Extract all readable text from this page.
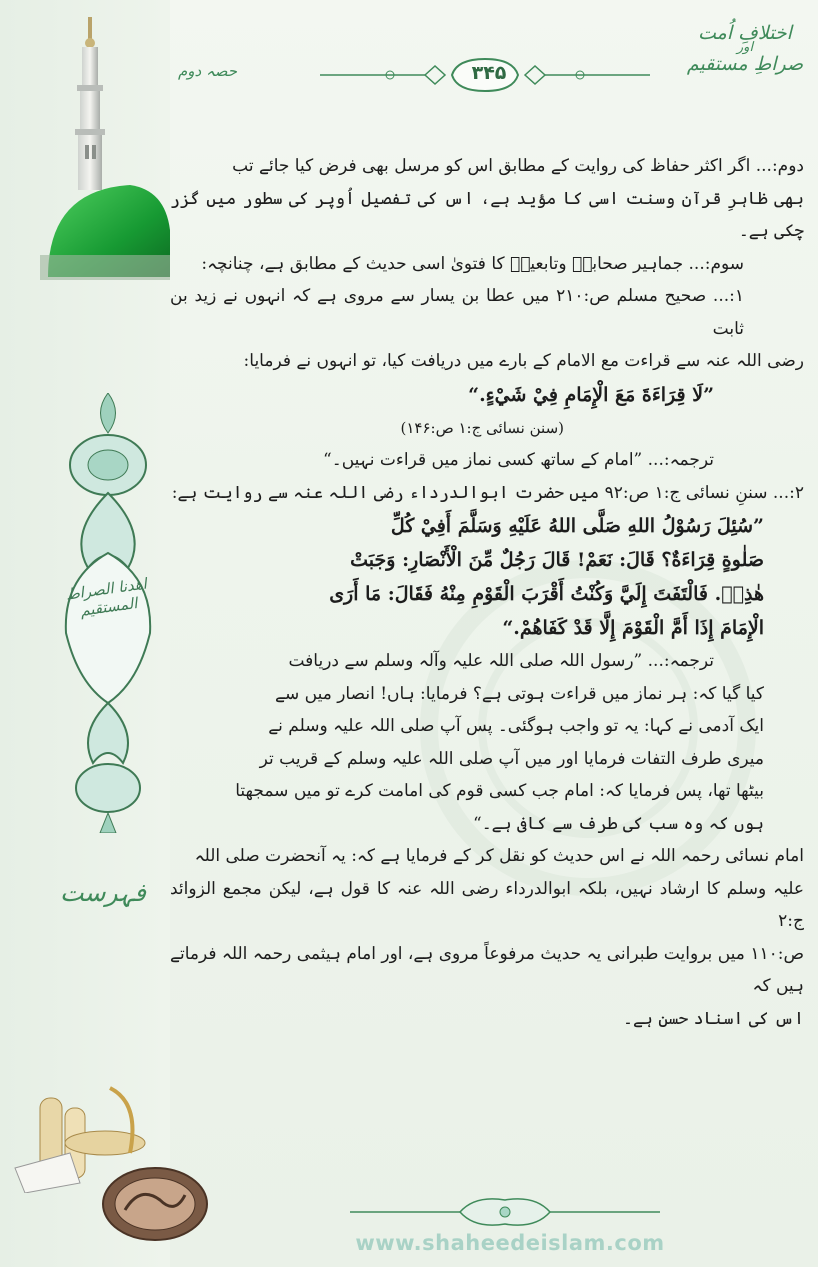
اختلافِ اُمت
اور
صراطِ مستقیم
حصہ دوم	۳۴۵
اھدنا الصراط المستقیم
فہرست

دوم:... اگر اکثر حفاظ کی روایت کے مطابق اس کو مرسل بھی فرض کیا جائے تب

بھی ظاہرِ قرآن وسنت اسی کا مؤید ہے، اس کی تفصیل اُوپر کی سطور میں گزر چکی ہے۔

سوم:... جماہیر صحابہؓ وتابعینؒ کا فتویٰ اسی حدیث کے مطابق ہے، چنانچہ:

۱:... صحیح مسلم ص:۲۱۰ میں عطا بن یسار سے مروی ہے کہ انہوں نے زید بن ثابت

رضی اللہ عنہ سے قراءت مع الامام کے بارے میں دریافت کیا، تو انہوں نے فرمایا:

”لَا قِرَاءَةَ مَعَ الْإِمَامِ فِيْ شَيْءٍ.“

(سنن نسائی ج:۱ ص:۱۴۶)

ترجمہ:... ”امام کے ساتھ کسی نماز میں قراءت نہیں۔“

۲:... سننِ نسائی ج:۱ ص:۹۲ میں حضرت ابوالدرداء رضی اللہ عنہ سے روایت ہے:

”سُئِلَ رَسُوْلُ اللهِ صَلَّى اللهُ عَلَيْهِ وَسَلَّمَ أَفِيْ كُلِّ

صَلٰوةٍ قِرَاءَةٌ؟ قَالَ: نَعَمْ! قَالَ رَجُلٌ مِّنَ الْأَنْصَارِ: وَجَبَتْ

هٰذِهٖ. فَالْتَفَتَ إِلَيَّ وَكُنْتُ أَقْرَبَ الْقَوْمِ مِنْهُ فَقَالَ: مَا أَرَى

الْإِمَامَ إِذَا أَمَّ الْقَوْمَ إِلَّا قَدْ كَفَاهُمْ.“

ترجمہ:... ”رسول اللہ صلی اللہ علیہ وآلہ وسلم سے دریافت

کیا گیا کہ: ہر نماز میں قراءت ہوتی ہے؟ فرمایا: ہاں! انصار میں سے

ایک آدمی نے کہا: یہ تو واجب ہوگئی۔ پس آپ صلی اللہ علیہ وسلم نے

میری طرف التفات فرمایا اور میں آپ صلی اللہ علیہ وسلم کے قریب تر

بیٹھا تھا، پس فرمایا کہ: امام جب کسی قوم کی امامت کرے تو میں سمجھتا

ہوں کہ وہ سب کی طرف سے کافی ہے۔“

امام نسائی رحمہ اللہ نے اس حدیث کو نقل کر کے فرمایا ہے کہ: یہ آنحضرت صلی اللہ

علیہ وسلم کا ارشاد نہیں، بلکہ ابوالدرداء رضی اللہ عنہ کا قول ہے، لیکن مجمع الزوائد ج:۲

ص:۱۱۰ میں بروایت طبرانی یہ حدیث مرفوعاً مروی ہے، اور امام ہیثمی رحمہ اللہ فرماتے ہیں کہ

اس کی اسناد حسن ہے۔

www.shaheedeislam.com
